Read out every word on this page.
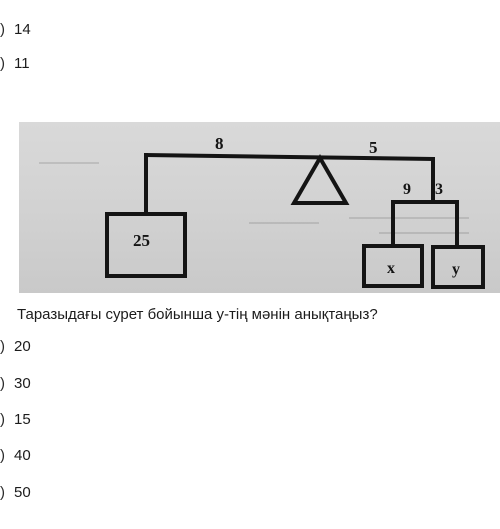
) 14
) 11
8	5
9 3
25
x	y
Таразыдағы сурет бойынша у-тің мәнін анықтаңыз?
) 20
) 30
) 15
) 40
) 50
